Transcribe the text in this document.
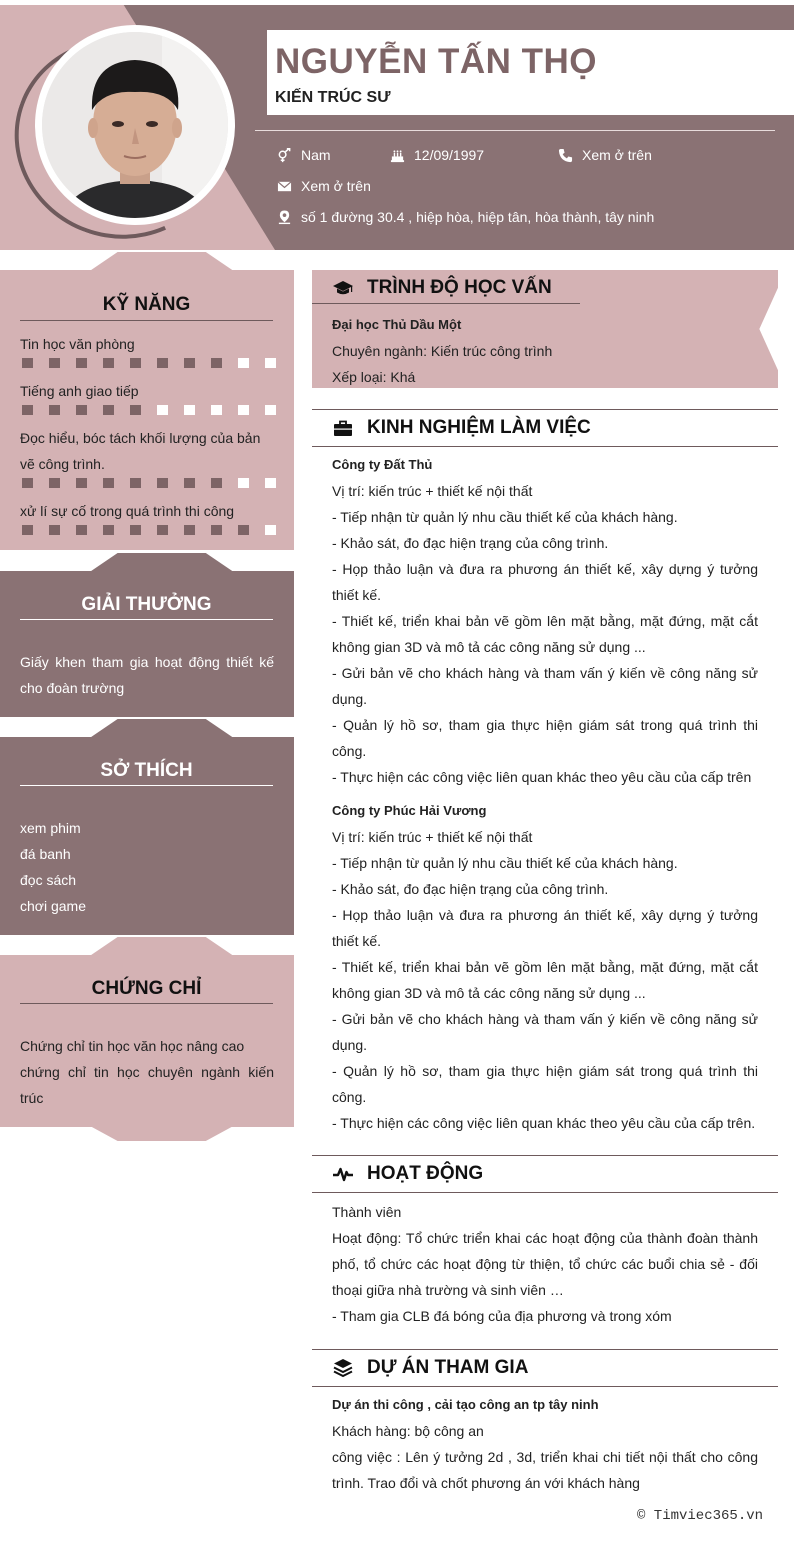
NGUYỄN TẤN THỌ
KIẾN TRÚC SƯ
Nam	12/09/1997	Xem ở trên
Xem ở trên
số 1 đường 30.4 , hiệp hòa, hiệp tân, hòa thành, tây ninh
KỸ NĂNG
Tin học văn phòng
Tiếng anh giao tiếp
Đọc hiểu, bóc tách khối lượng của bản vẽ công trình.
xử lí sự cố trong quá trình thi công
GIẢI THƯỞNG

Giấy khen tham gia hoạt động thiết kế cho đoàn trường

SỞ THÍCH

xem phim

đá banh

đọc sách

chơi game

CHỨNG CHỈ

Chứng chỉ tin học văn học nâng cao

chứng chỉ tin học chuyên ngành kiến trúc

TRÌNH ĐỘ HỌC VẤN

Đại học Thủ Dầu Một

Chuyên ngành: Kiến trúc công trình

Xếp loại: Khá

KINH NGHIỆM LÀM VIỆC

Công ty Đất Thủ

Vị trí: kiến trúc + thiết kế nội thất

- Tiếp nhận từ quản lý nhu cầu thiết kế của khách hàng.

- Khảo sát, đo đạc hiện trạng của công trình.

- Họp thảo luận và đưa ra phương án thiết kế, xây dựng ý tưởng thiết kế.

- Thiết kế, triển khai bản vẽ gồm lên mặt bằng, mặt đứng, mặt cắt không gian 3D và mô tả các công năng sử dụng ...

- Gửi bản vẽ cho khách hàng và tham vấn ý kiến về công năng sử dụng.

- Quản lý hồ sơ, tham gia thực hiện giám sát trong quá trình thi công.

- Thực hiện các công việc liên quan khác theo yêu cầu của cấp trên

Công ty Phúc Hải Vương

Vị trí: kiến trúc + thiết kế nội thất

- Tiếp nhận từ quản lý nhu cầu thiết kế của khách hàng.

- Khảo sát, đo đạc hiện trạng của công trình.

- Họp thảo luận và đưa ra phương án thiết kế, xây dựng ý tưởng thiết kế.

- Thiết kế, triển khai bản vẽ gồm lên mặt bằng, mặt đứng, mặt cắt không gian 3D và mô tả các công năng sử dụng ...

- Gửi bản vẽ cho khách hàng và tham vấn ý kiến về công năng sử dụng.

- Quản lý hồ sơ, tham gia thực hiện giám sát trong quá trình thi công.

- Thực hiện các công việc liên quan khác theo yêu cầu của cấp trên.

HOẠT ĐỘNG

Thành viên

Hoạt động: Tổ chức triển khai các hoạt động của thành đoàn thành phố, tổ chức các hoạt động từ thiện, tổ chức các buổi chia sẻ - đối thoại giữa nhà trường và sinh viên …

- Tham gia CLB đá bóng của địa phương và trong xóm

DỰ ÁN THAM GIA

Dự án thi công , cải tạo công an tp tây ninh

Khách hàng: bộ công an

công việc : Lên ý tưởng 2d , 3d, triển khai chi tiết nội thất cho công trình. Trao đổi và chốt phương án với khách hàng

© Timviec365.vn
